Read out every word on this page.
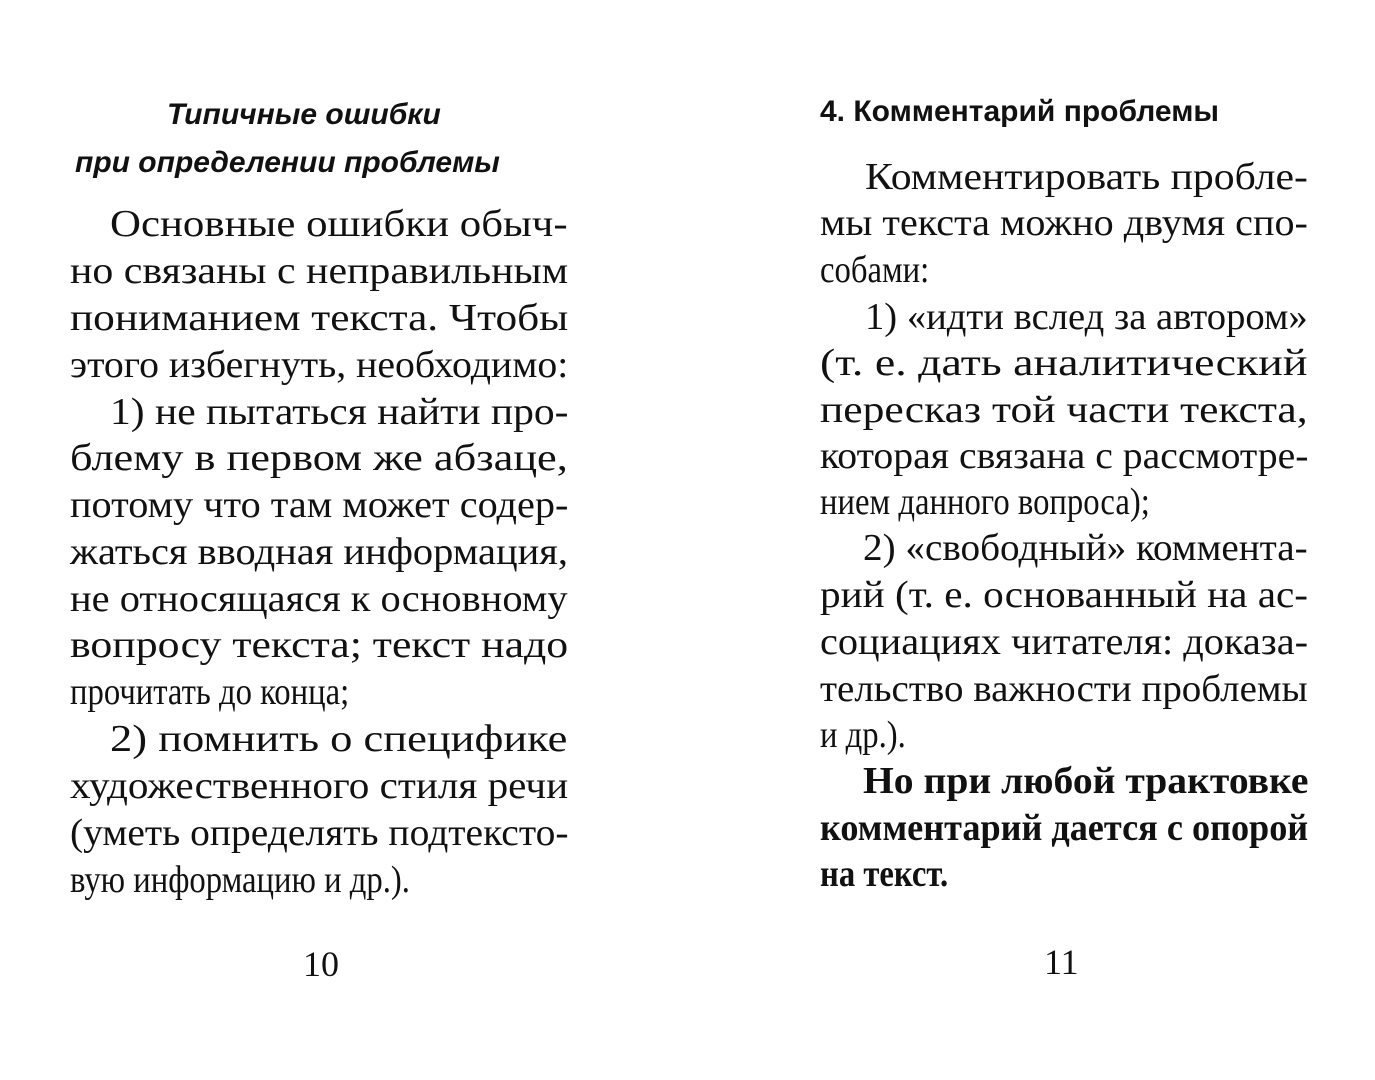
Типичные ошибки
при определении проблемы
Основные ошибки обыч-
но связаны с неправильным
пониманием текста. Чтобы
этого избегнуть, необходимо:
1) не пытаться найти про-
блему в первом же абзаце,
потому что там может содер-
жаться вводная информация,
не относящаяся к основному
вопросу текста; текст надо
прочитать до конца;
2) помнить о специфике
художественного стиля речи
(уметь определять подтексто-
вую информацию и др.).
10
4. Комментарий проблемы
Комментировать пробле-
мы текста можно двумя спо-
собами:
1) «идти вслед за автором»
(т. е. дать аналитический
пересказ той части текста,
которая связана с рассмотре-
нием данного вопроса);
2) «свободный» коммента-
рий (т. е. основанный на ас-
социациях читателя: доказа-
тельство важности проблемы
и др.).
Но при любой трактовке
комментарий дается с опорой
на текст.
11
